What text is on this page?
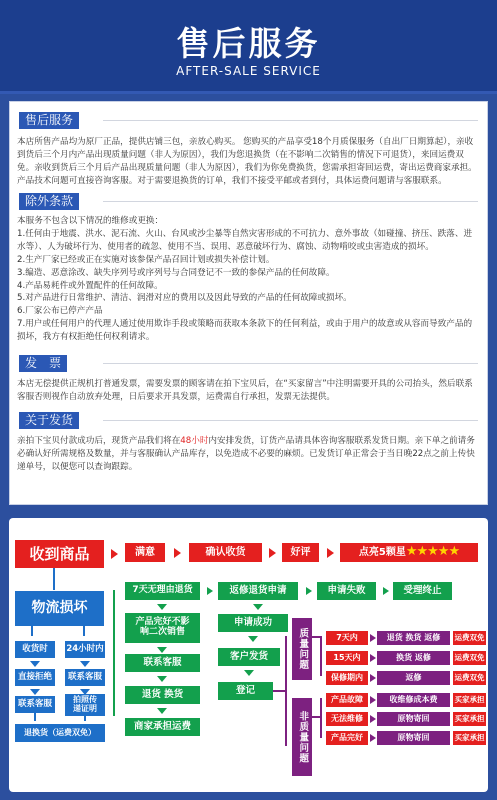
售后服务
AFTER-SALE SERVICE
售后服务
本店所售产品均为原厂正品，提供店铺三包，亲放心购买。 您购买的产品享受18个月质保服务（自出厂日期算起），亲收到货后三个月内产品出现质量问题（非人为原因），我们为您退换货（在不影响二次销售的情况下可退货），来回运费双免。亲收到货后三个月后产品出现质量问题（非人为原因），我们为你免费换货，您需承担寄回运费，寄出运费商家承担。产品技术问题可直接咨询客服。对于需要退换货的订单，我们不接受平邮或者到付，具体运费问题请与客服联系。
除外条款
本服务不包含以下情况的维修或更换：
1.任何由于地震、洪水、泥石流、火山、台风或沙尘暴等自然灾害形成的不可抗力、意外事故（如碰撞、挤压、跌落、进水等）、人为破坏行为、使用者的疏忽、使用不当、误用、恶意破坏行为、腐蚀、动物啃咬或虫害造成的损坏。
2.生产厂家已经或正在实施对该参保产品召回计划或损失补偿计划。
3.编造、恶意涂改、缺失序列号或序列号与合同登记不一致的参保产品的任何故障。
4.产品易耗件或外置配件的任何故障。
5.对产品进行日常维护、清洁、润滑对应的费用以及因此导致的产品的任何故障或损坏。
6.厂家公布已停产产品
7.用户或任何用户的代理人通过使用欺诈手段或策略而获取本条款下的任何利益，或由于用户的故意或从容而导致产品的损坏，我方有权拒绝任何权利请求。
发　票
本店无偿提供正规机打普通发票，需要发票的顾客请在拍下宝贝后，在“买家留言”中注明需要开具的公司抬头，然后联系客服否则视作自动放弃处理，日后要求开具发票，运费需自行承担，发票无法提供。
关于发货
亲拍下宝贝付款成功后，现货产品我们将在48小时内安排发货，订货产品请具体咨询客服联系发货日期。亲下单之前请务必确认好所需规格及数量，并与客服确认产品库存，以免造成不必要的麻烦。已发货订单正常会于当日晚22点之前上传快递单号，以便您可以查询跟踪。
收到商品	满意	确认收货	好评	点亮5颗星 ★★★★★
物流损坏
收货时	24小时内
直接拒绝	联系客服
联系客服	拍照传
递证明
退换货（运费双免）
7天无理由退货	返修退货申请	申请失败	受理终止
产品完好不影
响二次销售
联系客服
退货 换货
商家承担运费
申请成功
客户发货
登记
质量问题	7天内	退货 换货 返修	运费双免
15天内	换货 返修	运费双免
保修期内	返修	运费双免
非质量问题
产品故障	收维修成本费	买家承担
无法维修	原物寄回	买家承担
产品完好	原物寄回	买家承担
